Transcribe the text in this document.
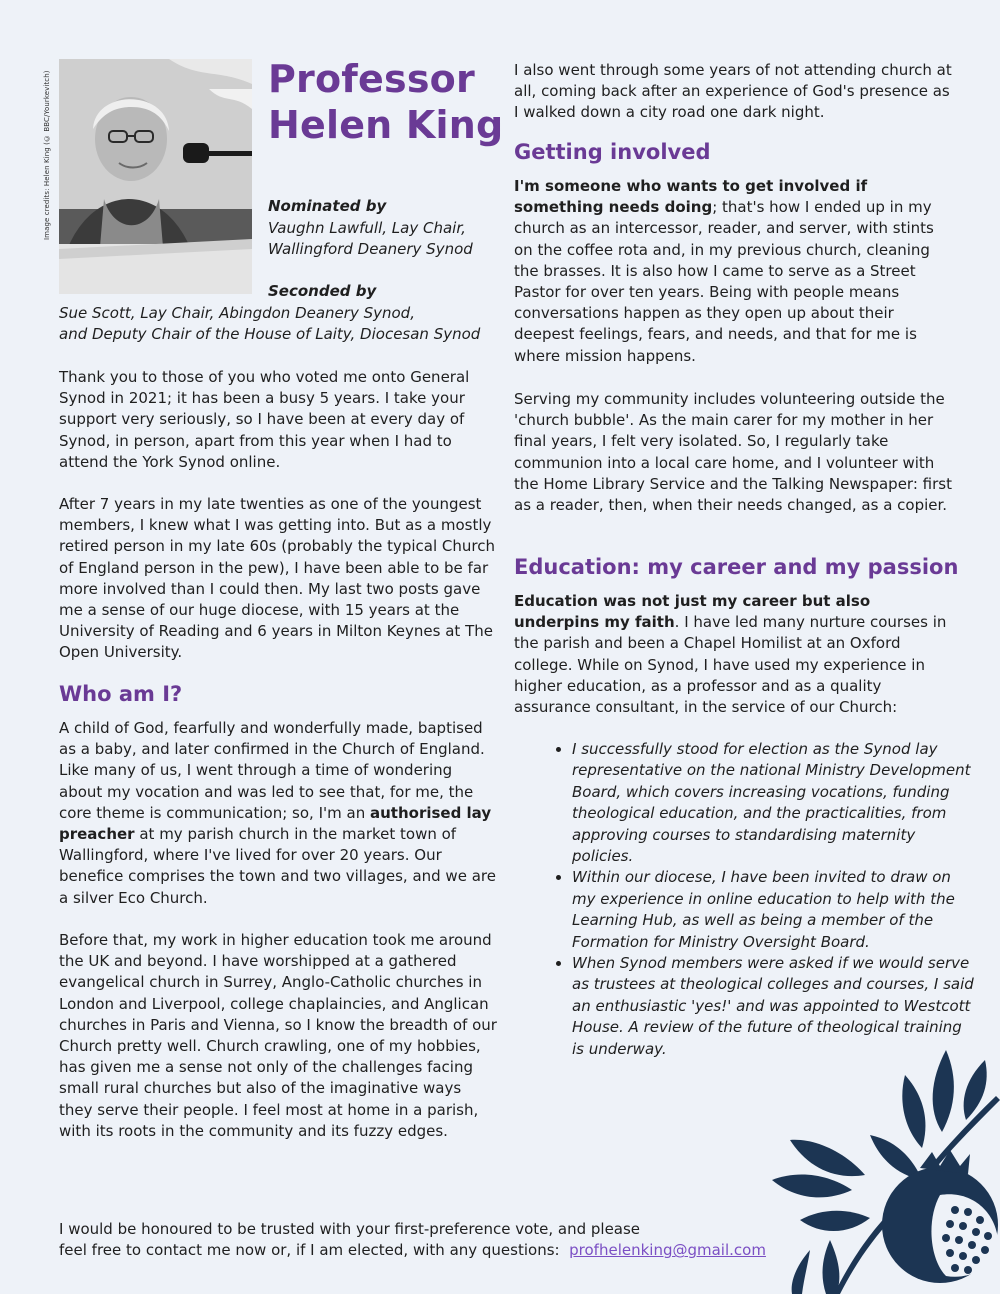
Image credits: Helen King (© BBC/Yourkevitch)	Professor
Helen King
Nominated by
Vaughn Lawfull, Lay Chair, Wallingford Deanery Synod
Seconded by
Sue Scott, Lay Chair, Abingdon Deanery Synod,
and Deputy Chair of the House of Laity, Diocesan Synod

Thank you to those of you who voted me onto General Synod in 2021; it has been a busy 5 years. I take your support very seriously, so I have been at every day of Synod, in person, apart from this year when I had to attend the York Synod online.

After 7 years in my late twenties as one of the youngest members, I knew what I was getting into. But as a mostly retired person in my late 60s (probably the typical Church of England person in the pew), I have been able to be far more involved than I could then. My last two posts gave me a sense of our huge diocese, with 15 years at the University of Reading and 6 years in Milton Keynes at The Open University.

Who am I?

A child of God, fearfully and wonderfully made, baptised as a baby, and later confirmed in the Church of England. Like many of us, I went through a time of wondering about my vocation and was led to see that, for me, the core theme is communication; so, I'm an authorised lay preacher at my parish church in the market town of Wallingford, where I've lived for over 20 years. Our benefice comprises the town and two villages, and we are a silver Eco Church.

Before that, my work in higher education took me around the UK and beyond. I have worshipped at a gathered evangelical church in Surrey, Anglo-Catholic churches in London and Liverpool, college chaplaincies, and Anglican churches in Paris and Vienna, so I know the breadth of our Church pretty well. Church crawling, one of my hobbies, has given me a sense not only of the challenges facing small rural churches but also of the imaginative ways they serve their people. I feel most at home in a parish, with its roots in the community and its fuzzy edges.

I also went through some years of not attending church at all, coming back after an experience of God's presence as I walked down a city road one dark night.

Getting involved

I'm someone who wants to get involved if something needs doing; that's how I ended up in my church as an intercessor, reader, and server, with stints on the coffee rota and, in my previous church, cleaning the brasses. It is also how I came to serve as a Street Pastor for over ten years. Being with people means conversations happen as they open up about their deepest feelings, fears, and needs, and that for me is where mission happens.

Serving my community includes volunteering outside the 'church bubble'. As the main carer for my mother in her final years, I felt very isolated. So, I regularly take communion into a local care home, and I volunteer with the Home Library Service and the Talking Newspaper: first as a reader, then, when their needs changed, as a copier.

Education: my career and my passion

Education was not just my career but also underpins my faith. I have led many nurture courses in the parish and been a Chapel Homilist at an Oxford college. While on Synod, I have used my experience in higher education, as a professor and as a quality assurance consultant, in the service of our Church:

• I successfully stood for election as the Synod lay representative on the national Ministry Development Board, which covers increasing vocations, funding theological education, and the practicalities, from approving courses to standardising maternity policies.
• Within our diocese, I have been invited to draw on my experience in online education to help with the Learning Hub, as well as being a member of the Formation for Ministry Oversight Board.
• When Synod members were asked if we would serve as trustees at theological colleges and courses, I said an enthusiastic 'yes!' and was appointed to Westcott House. A review of the future of theological training is underway.
I would be honoured to be trusted with your first-preference vote, and please
feel free to contact me now or, if I am elected, with any questions: profhelenking@gmail.com
